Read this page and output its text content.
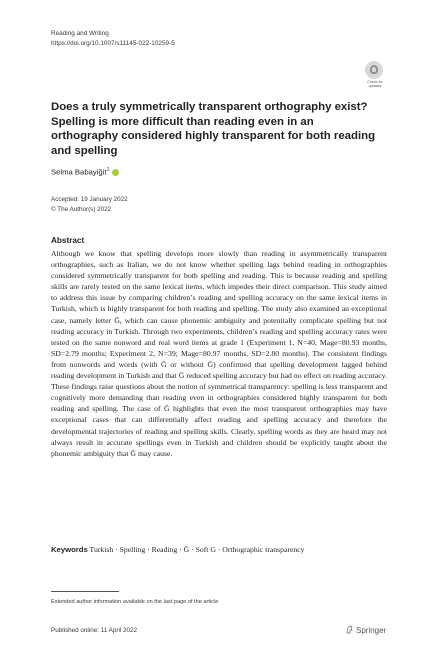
Reading and Writing
https://doi.org/10.1007/s11145-022-10259-5
Check for updates
Does a truly symmetrically transparent orthography exist? Spelling is more difficult than reading even in an orthography considered highly transparent for both reading and spelling
Selma Babayiğit$^1$
Accepted: 19 January 2022
© The Author(s) 2022
Abstract
Although we know that spelling develops more slowly than reading in asymmetrically transparent orthographies, such as Italian, we do not know whether spelling lags behind reading in orthographies considered symmetrically transparent for both spelling and reading. This is because reading and spelling skills are rarely tested on the same lexical items, which impedes their direct comparison. This study aimed to address this issue by comparing children’s reading and spelling accuracy on the same lexical items in Turkish, which is highly transparent for both reading and spelling. The study also examined an exceptional case, namely letter Ğ, which can cause phonemic ambiguity and potentially complicate spelling but not reading accuracy in Turkish. Through two experiments, children’s reading and spelling accuracy rates were tested on the same nonword and real word items at grade 1 (Experiment 1, N=40, Mage=80.93 months, SD=2.79 months; Experiment 2, N=39; Mage=80.97 months, SD=2.80 months). The consistent findings from nonwords and words (with Ğ or without Ğ) confirmed that spelling development lagged behind reading development in Turkish and that Ğ reduced spelling accuracy but had no effect on reading accuracy. These findings raise questions about the notion of symmetrical transparency: spelling is less transparent and cognitively more demanding than reading even in orthographies considered highly transparent for both reading and spelling. The case of Ğ highlights that even the most transparent orthographies may have exceptional cases that can differentially affect reading and spelling accuracy and therefore the developmental trajectories of reading and spelling skills. Clearly, spelling words as they are heard may not always result in accurate spellings even in Turkish and children should be explicitly taught about the phonemic ambiguity that Ğ may cause.
Keywords Turkish · Spelling · Reading · Ğ · Soft G · Orthographic transparency
Extended author information available on the last page of the article
Published online: 11 April 2022	Springer
